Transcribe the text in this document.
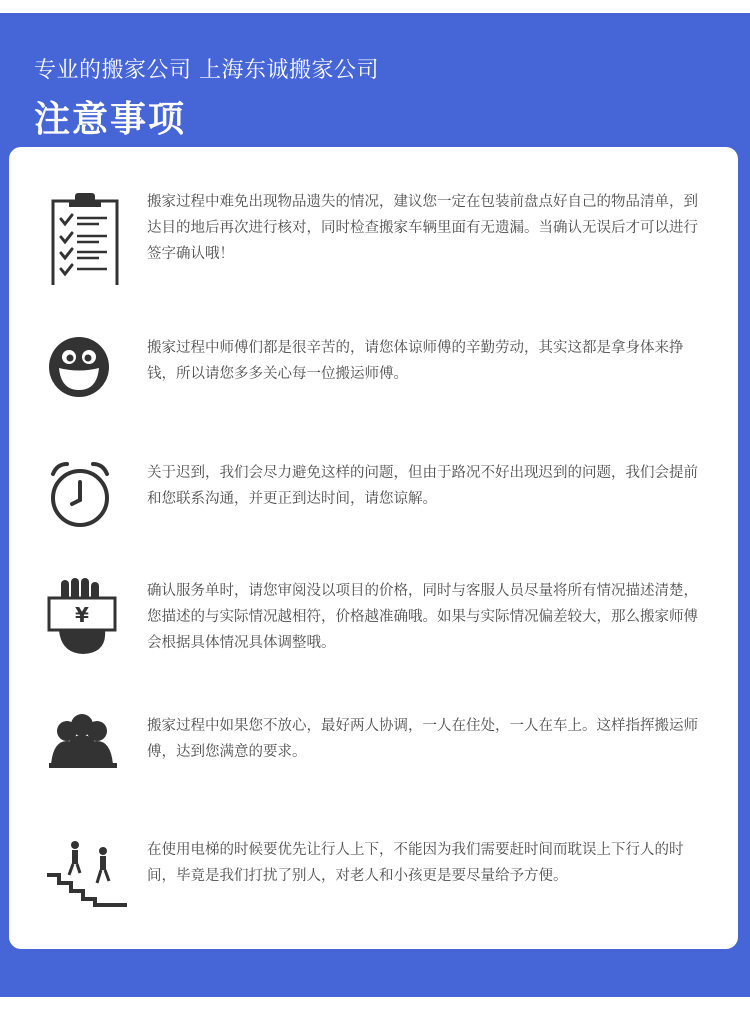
专业的搬家公司 上海东诚搬家公司
注意事项

搬家过程中难免出现物品遗失的情况，建议您一定在包装前盘点好自己的物品清单，到达目的地后再次进行核对，同时检查搬家车辆里面有无遗漏。当确认无误后才可以进行签字确认哦！

搬家过程中师傅们都是很辛苦的，请您体谅师傅的辛勤劳动，其实这都是拿身体来挣钱，所以请您多多关心每一位搬运师傅。

关于迟到，我们会尽力避免这样的问题，但由于路况不好出现迟到的问题，我们会提前和您联系沟通，并更正到达时间，请您谅解。

¥

确认服务单时，请您审阅没以项目的价格，同时与客服人员尽量将所有情况描述清楚，您描述的与实际情况越相符，价格越准确哦。如果与实际情况偏差较大，那么搬家师傅会根据具体情况具体调整哦。

搬家过程中如果您不放心，最好两人协调，一人在住处，一人在车上。这样指挥搬运师傅，达到您满意的要求。

在使用电梯的时候要优先让行人上下，不能因为我们需要赶时间而耽误上下行人的时间，毕竟是我们打扰了别人，对老人和小孩更是要尽量给予方便。
